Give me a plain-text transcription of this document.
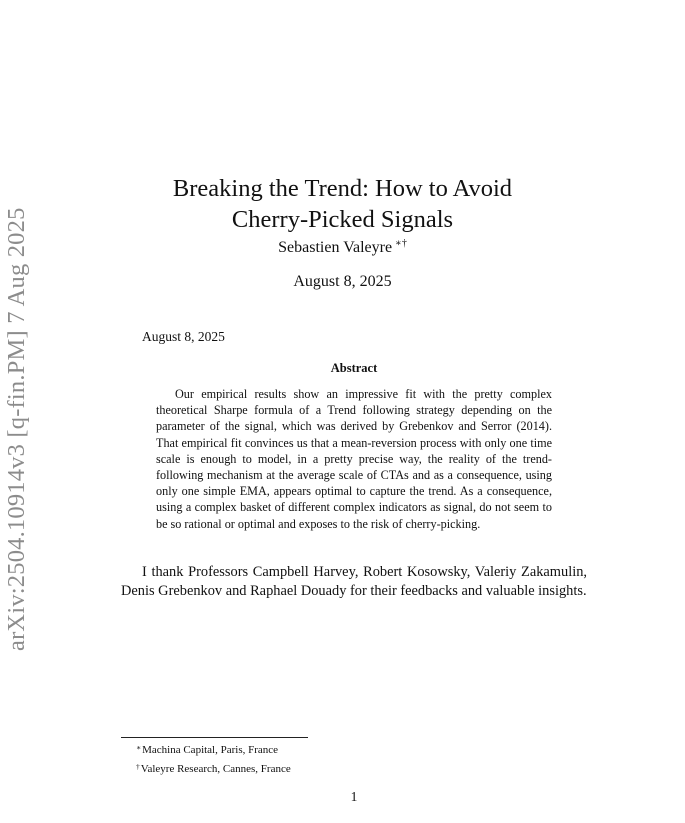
arXiv:2504.10914v3 [q-fin.PM] 7 Aug 2025
Breaking the Trend: How to Avoid
Cherry-Picked Signals
Sebastien Valeyre ∗†
August 8, 2025
August 8, 2025
Abstract

Our empirical results show an impressive fit with the pretty complex theoretical Sharpe formula of a Trend following strategy depending on the parameter of the signal, which was derived by Grebenkov and Serror (2014). That empirical fit convinces us that a mean-reversion process with only one time scale is enough to model, in a pretty precise way, the reality of the trend-following mechanism at the average scale of CTAs and as a consequence, using only one simple EMA, appears optimal to capture the trend. As a consequence, using a complex basket of different complex indicators as signal, do not seem to be so rational or optimal and exposes to the risk of cherry-picking.

I thank Professors Campbell Harvey, Robert Kosowsky, Valeriy Zakamulin, Denis Grebenkov and Raphael Douady for their feedbacks and valuable insights.

∗Machina Capital, Paris, France
†Valeyre Research, Cannes, France
1
